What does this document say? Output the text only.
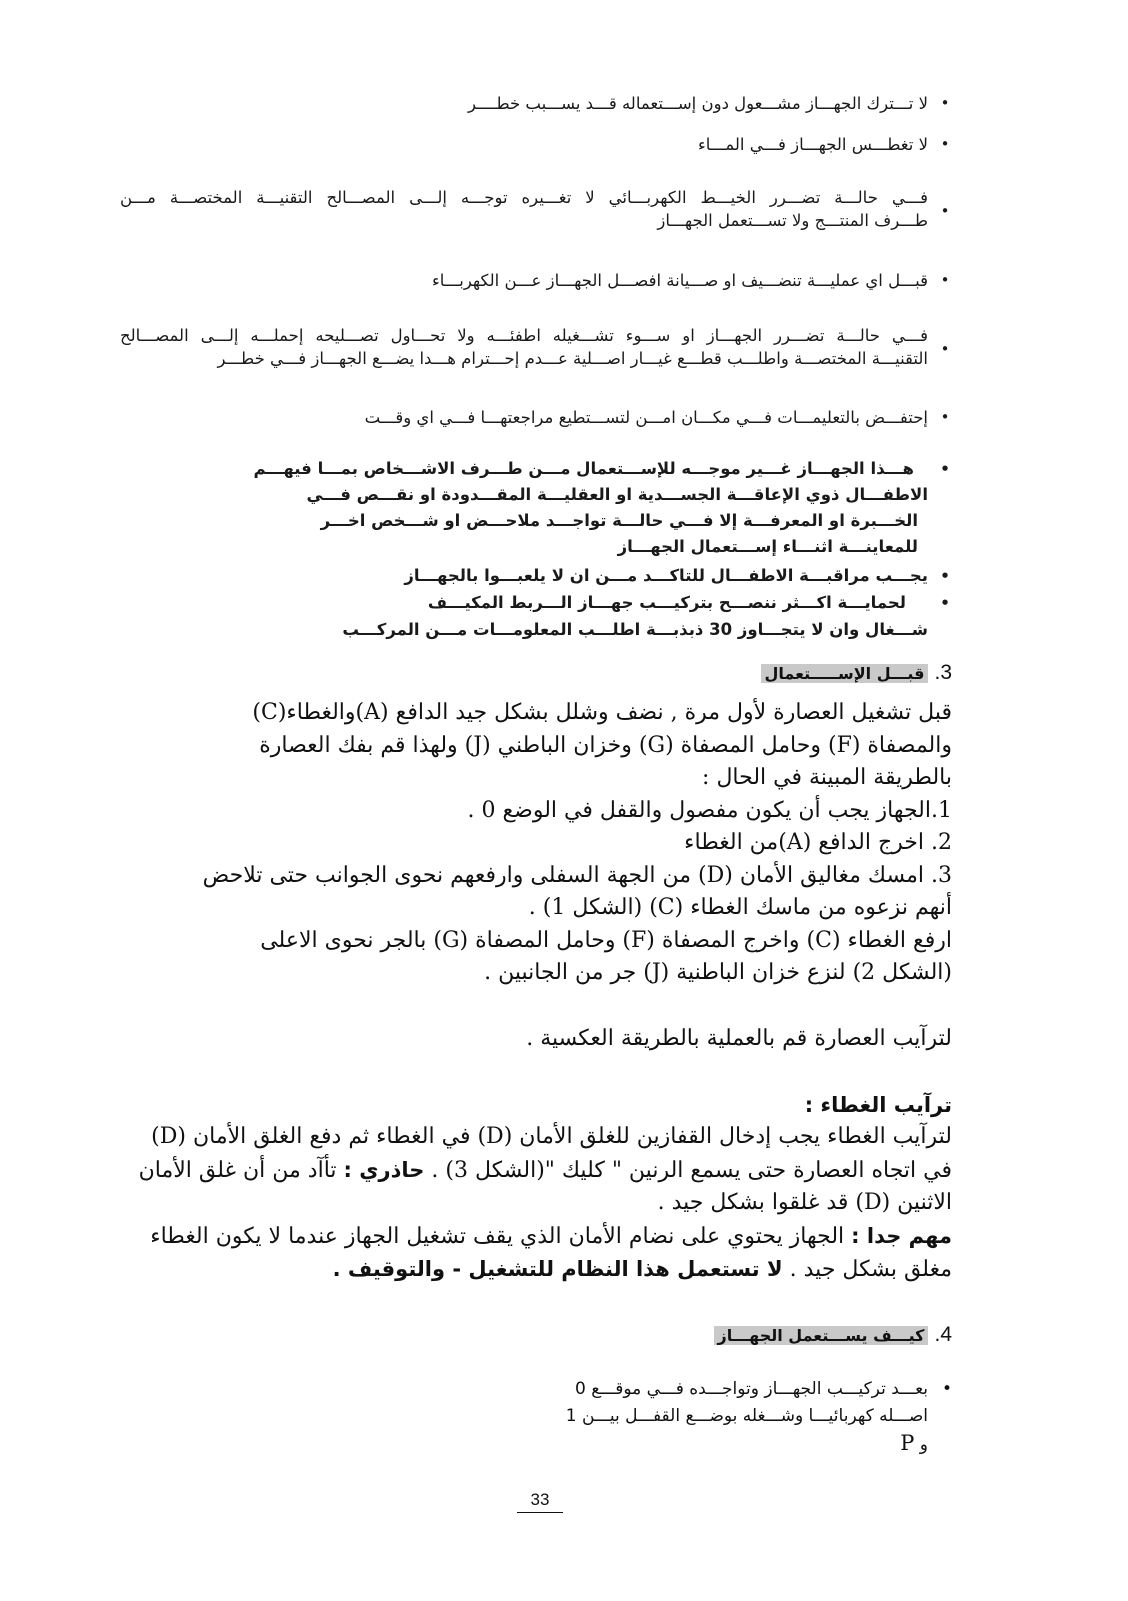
•
لا تـــترك الجهـــاز مشـــعول دون إســـتعماله قـــد يســـبب خطــــر
•
لا تغطـــس الجهـــاز فـــي المـــاء
•
فـــي حالـــة تضـــرر الخيـــط الكهربـــائي لا تغـــيره توجـــه إلـــى المصـــالح التقنيـــة المختصـــة مـــن
طـــرف المنتـــج ولا تســـتعمل الجهـــاز
•
قبـــل اي عمليـــة تنضـــيف او صـــيانة افصـــل الجهـــاز عـــن الكهربـــاء
•
فـــي حالـــة تضـــرر الجهـــاز او ســـوء تشـــغيله اطفئـــه ولا تحـــاول تصـــليحه إحملـــه إلـــى المصـــالح
التقنيـــة المختصـــة واطلـــب قطـــع غيـــار اصـــلية عـــدم إحـــترام هـــدا يضـــع الجهـــاز فـــي خطـــر
•
إحتفـــض بالتعليمـــات فـــي مكـــان امـــن لتســـتطيع مراجعتهـــا فـــي اي وقـــت
•
هـــذا الجهـــاز غـــير موجـــه للإســـتعمال مـــن طـــرف الاشـــخاص بمـــا فيهـــم
الاطفـــال ذوي الإعاقـــة الجســـدية او العقليـــة المقـــدودة او نقـــص فـــي
الخـــبرة او المعرفـــة إلا فـــي حالـــة تواجـــد ملاحـــض او شـــخص اخـــر
للمعاينـــة اثنـــاء إســـتعمال الجهـــاز
•
يجـــب مراقبـــة الاطفـــال للتاكـــد مـــن ان لا يلعبـــوا بالجهـــاز
•
لحمايـــة اكـــثر ننصـــح بتركيـــب جهـــاز الـــربط المكيـــف
شـــغال وان لا يتجـــاوز 30 ذبذبـــة اطلـــب المعلومـــات مـــن المركـــب
3. قبـــل الإســـــتعمال
قبل تشغيل العصارة لأول مرة , نضف وشلل بشكل جيد الدافع (A)والغطاء(C)
والمصفاة (F) وحامل المصفاة (G) وخزان الباطني (J) ولهذا قم بفك العصارة
بالطريقة المبينة في الحال :
1.الجهاز يجب أن يكون مفصول والقفل في الوضع 0 .
2. اخرج الدافع (A)من الغطاء
3. امسك مغاليق الأمان (D) من الجهة السفلى وارفعهم نحوى الجوانب حتى تلاحض
أنهم نزعوه من ماسك الغطاء (C) (الشكل 1) .
ارفع الغطاء (C) واخرج المصفاة (F) وحامل المصفاة (G) بالجر نحوى الاعلى
(الشكل 2) لنزع خزان الباطنية (J) جر من الجانبين .
لترآيب العصارة قم بالعملية بالطريقة العكسية .
ترآيب الغطاء :
لترآيب الغطاء يجب إدخال القفازين للغلق الأمان (D) في الغطاء ثم دفع الغلق الأمان (D)
في اتجاه العصارة حتى يسمع الرنين " كليك "(الشكل 3) . حاذري : تأآد من أن غلق الأمان
الاثنين (D) قد غلقوا بشكل جيد .
مهم جدا : الجهاز يحتوي على نضام الأمان الذي يقف تشغيل الجهاز عندما لا يكون الغطاء
مغلق بشكل جيد . لا تستعمل هذا النظام للتشغيل - والتوقيف .
4. كيـــف يســـتعمل الجهـــاز
•
بعـــد تركيـــب الجهـــاز وتواجـــده فـــي موقـــع 0
اصـــله كهربائيـــا وشـــغله بوضـــع القفـــل بيـــن 1
و P
33
